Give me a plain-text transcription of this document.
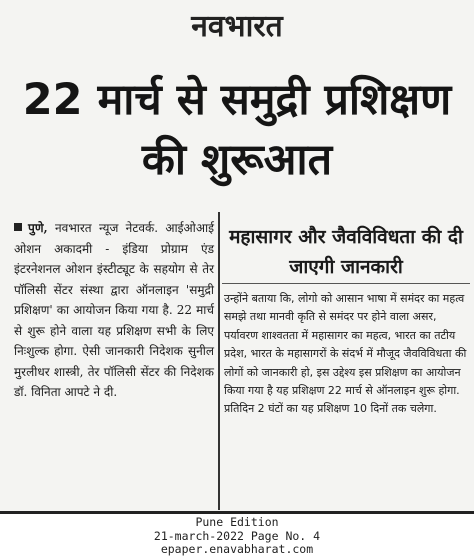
नवभारत
22 मार्च से समुद्री प्रशिक्षण की शुरूआत

पुणे, नवभारत न्यूज नेटवर्क. आईओआई ओशन अकादमी - इंडिया प्रोग्राम एंड इंटरनेशनल ओशन इंस्टीट्यूट के सहयोग से तेर पॉलिसी सेंटर संस्था द्वारा ऑनलाइन 'समुद्री प्रशिक्षण' का आयोजन किया गया है. 22 मार्च से शुरू होने वाला यह प्रशिक्षण सभी के लिए निःशुल्क होगा. ऐसी जानकारी निदेशक सुनील मुरलीधर शास्त्री, तेर पॉलिसी सेंटर की निदेशक डॉ. विनिता आपटे ने दी.

महासागर और जैवविविधता की दी जाएगी जानकारी

उन्होंने बताया कि, लोगो को आसान भाषा में समंदर का महत्व समझे तथा मानवी कृति से समंदर पर होने वाला असर, पर्यावरण शाश्वतता में महासागर का महत्व, भारत का तटीय प्रदेश, भारत के महासागरों के संदर्भ में मौजूद जैवविविधता की लोगों को जानकारी हो, इस उद्देश्य इस प्रशिक्षण का आयोजन किया गया है यह प्रशिक्षण 22 मार्च से ऑनलाइन शुरू होगा. प्रतिदिन 2 घंटों का यह प्रशिक्षण 10 दिनों तक चलेगा.

Pune Edition
21-march-2022 Page No. 4
epaper.enavabharat.com
